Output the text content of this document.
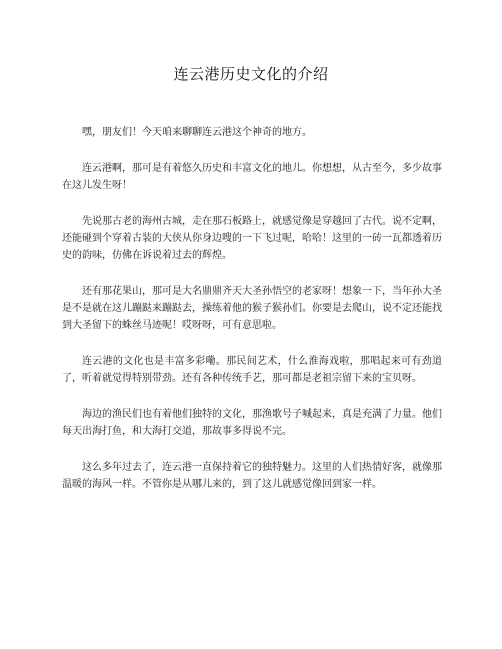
连云港历史文化的介绍

嘿，朋友们！今天咱来聊聊连云港这个神奇的地方。

连云港啊，那可是有着悠久历史和丰富文化的地儿。你想想，从古至今，多少故事在这儿发生呀！

先说那古老的海州古城，走在那石板路上，就感觉像是穿越回了古代。说不定啊，还能碰到个穿着古装的大侠从你身边嗖的一下飞过呢，哈哈！这里的一砖一瓦都透着历史的韵味，仿佛在诉说着过去的辉煌。

还有那花果山，那可是大名鼎鼎齐天大圣孙悟空的老家呀！想象一下，当年孙大圣是不是就在这儿蹦跶来蹦跶去，操练着他的猴子猴孙们。你要是去爬山，说不定还能找到大圣留下的蛛丝马迹呢！哎呀呀，可有意思啦。

连云港的文化也是丰富多彩嘞。那民间艺术，什么淮海戏啦，那唱起来可有劲道了，听着就觉得特别带劲。还有各种传统手艺，那可都是老祖宗留下来的宝贝呀。

海边的渔民们也有着他们独特的文化，那渔歌号子喊起来，真是充满了力量。他们每天出海打鱼，和大海打交道，那故事多得说不完。

这么多年过去了，连云港一直保持着它的独特魅力。这里的人们热情好客，就像那温暖的海风一样。不管你是从哪儿来的，到了这儿就感觉像回到家一样。
